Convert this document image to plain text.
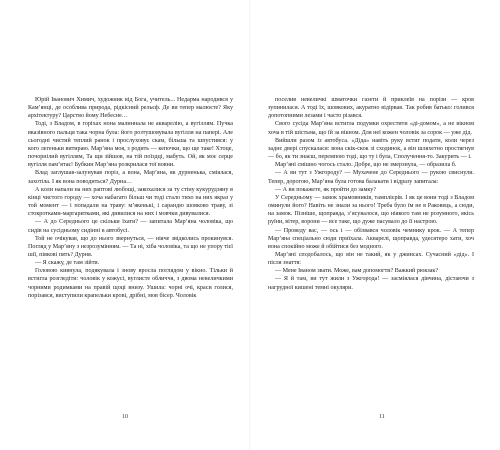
Юрій Іванович Химич, художник від Бога, учитель... Недарма народився у Кам’янці, де особлива природа, рідкісний рельєф. Де ви тепер малюєте? Яку архітектуру? Царство йому Небесне…

Тоді, з Владом, в горіхах нона малиннала не акварелію, а вугіллям. Пучка вказівного пальця така чорна була: його розтушовувала вугілля на папері. Але сьогодні чистий теплий ранок і прослуховує скам, більша та шпустився: у кого легеньки витираю. Мар’яна моя, з родить — кепочки, що ще таке! Хтоце, почорнілий вугіллям, Та щи зійшов, на тій поїздці, мабуть. Ой, як моє серце вугілля пам’ятає! Бубкин Мар’яна розкрилася тої вовни.

Влад заглушав-залунував поріз, а вона, Мар’яна, як дурненька, сміялася, захотіла. І як вона поводиться? Дурна…

А коли напали на них раптові любощі, закохалися за ту стіну кукурудзяну в кінці чистого городу — хоча набагато більш чи тоді стало тихо на них якраз у той момент — і попадали на траву: м’якенькі, і сарандю шовково траву, зі стокротками-маргаритками, які дивилися на них і мовчки дивувалися.

— А до Середнього це скільки їхати? — запитала Мар’яна чоловіка, що сидів на сусідньому сидінні в автобусі.

Той не очікував, що до нього звернуться, — ніяче звідколись прокинувся. Погляд у Мар’яну з незрозумінням. — Та ні, хіба чоловіка, та що не упору тієї шії, півкові пять? Дурня.

— Я скажу, де там зійти.

Головою кивнула, подякувала і знову вросла поглядом у вікно. Тільки й встигла розгледіти: чоловік у кожусі, вуглисте обличчя, з двома невеличкими чорними родимками на правій щоці внизу. Ушила: чорні очі, краси голися, порізався, виступили крапельки крові, дрібні, мов бісер. Чоловік

10

поселив невеличкі шматочки газети й приклеїв на порізи — кров зупинилася. А тоді їх, шовкових, акуратно відірвав. Так робив батько: голився допотопними лезами і часто різався.

Свого сусіда Мар’яна встигла подумки охрестити «ді-домом», а не вікном хоча в тій шістьма, що їй за вікном. Для неї кожен чоловік за сорок — уже дід.

Вийшли разом із автобуса. «Діда» навіть руку встиг подати, коли через заднє двері спускалася: вона скік-скок зі сходинок, а він шляхетно простягнув — бо, як ти знаєш, перемпою тоді, що ту і була, Сполучення-то. Закурить — і.

Мар’яні смішно чогось стало. Добре, що не змерзнула, — образила б.

— А ви тут з Ужгороду? — Мухачене до Середнього — рукою свиснули. Тепер, дорогою, Мар’яна була готова балакати і відразу запитала:

— А ви покажете, як пройти до замку?

У Середньому — замок храмовників, тамплієрів. І як це вони тоді з Владом оминули його? Навіть не знали за нього! Треба було їм не в Раковець, а сюди, на замок. Пізніше, щоправда, з’ясувалося, що ніякого там не розумного, якісь руїни, вітер, ворони — все таке, що дуже пасувало до її настрою.

— Проведу вас, — ось і — обізвався чоловік чемнику крок. — А тепер Мар’яна спеціально сюди приїхала. Акварелі, щоправда, удесятеро хати, хоч вона спокійно може й обійтися без модного.

Мар’яні сподобалось, що він не такий, як у джинсах. Сучасний «дід». І після знаття:

— Мене Іваном звати. Може, вам допомогти? Важкий рюкзак?

— Я й там, ви тут жили з Ужгорода! — засміялася дівчина, дістаючи з нагрудної кишені темні окуляри.

11
